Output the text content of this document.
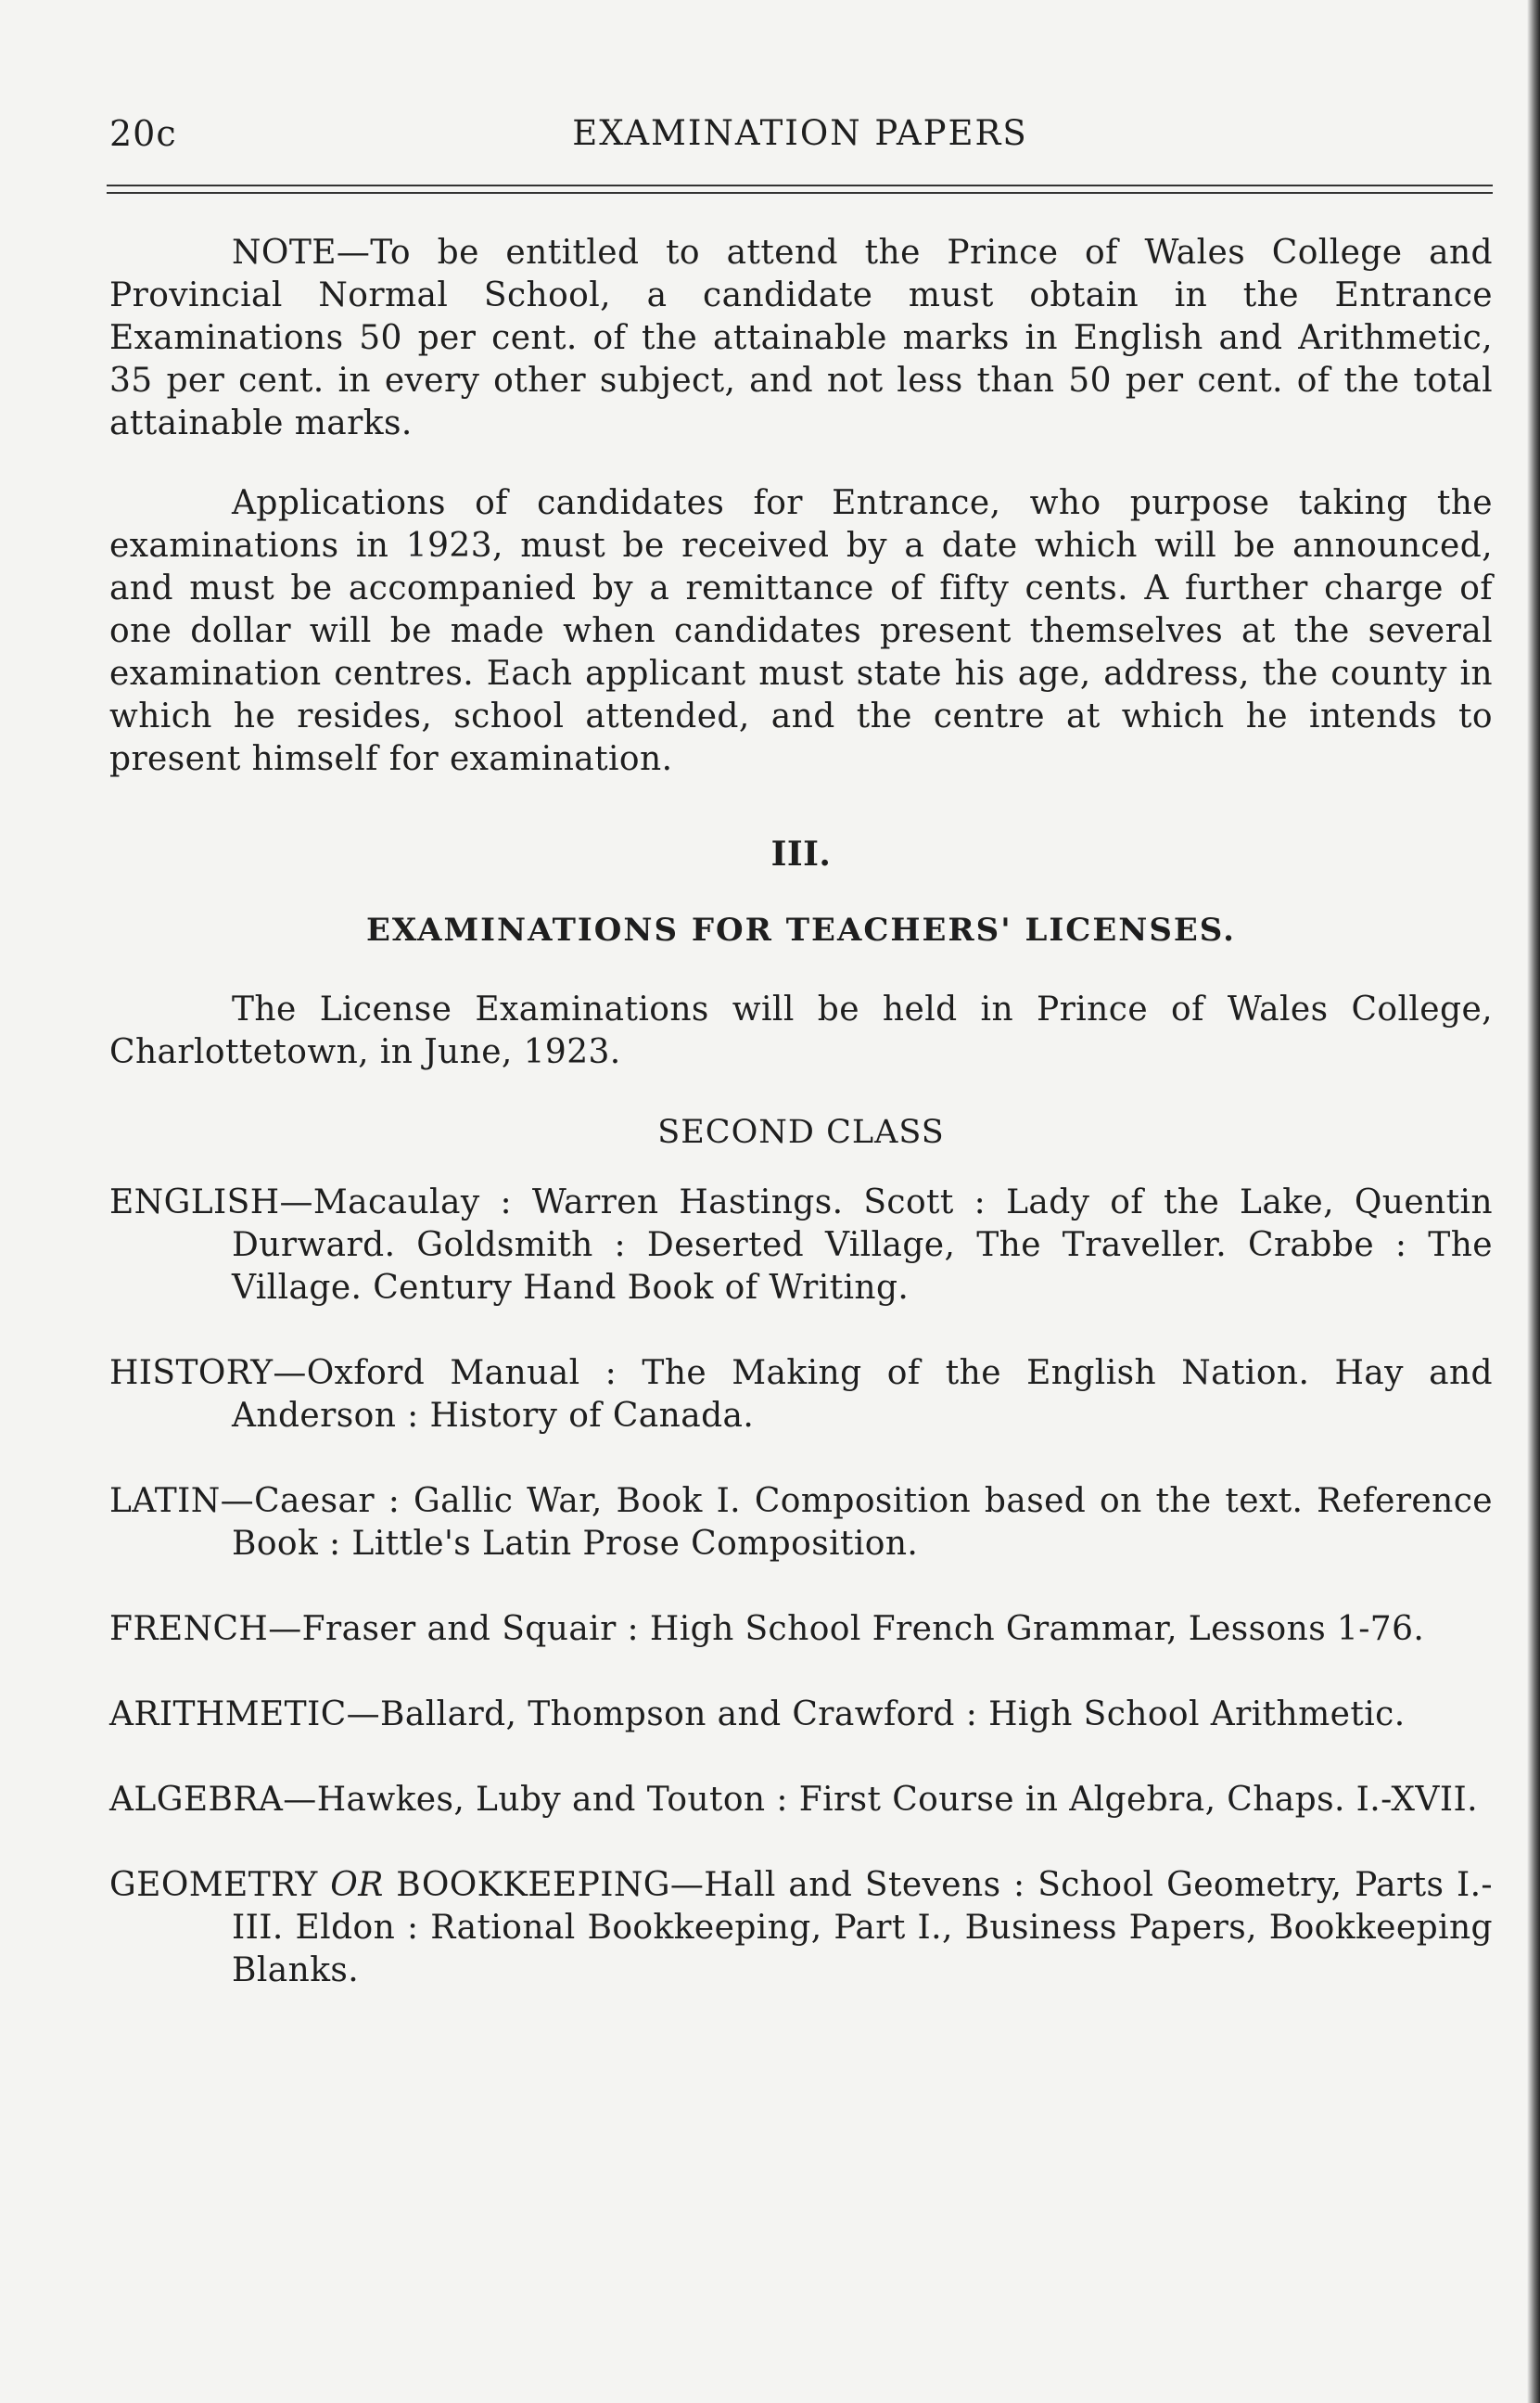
20c	EXAMINATION PAPERS

NOTE—To be entitled to attend the Prince of Wales College and Provincial Normal School, a candidate must obtain in the Entrance Examinations 50 per cent. of the attainable marks in English and Arithmetic, 35 per cent. in every other subject, and not less than 50 per cent. of the total attainable marks.

Applications of candidates for Entrance, who purpose taking the examinations in 1923, must be received by a date which will be announced, and must be accompanied by a remittance of fifty cents. A further charge of one dollar will be made when candidates present themselves at the several examination centres. Each applicant must state his age, address, the county in which he resides, school attended, and the centre at which he intends to present himself for examination.

III.
EXAMINATIONS FOR TEACHERS' LICENSES.

The License Examinations will be held in Prince of Wales College, Charlottetown, in June, 1923.

SECOND CLASS

ENGLISH—Macaulay : Warren Hastings. Scott : Lady of the Lake, Quentin Durward. Goldsmith : Deserted Village, The Traveller. Crabbe : The Village. Century Hand Book of Writing.

HISTORY—Oxford Manual : The Making of the English Nation. Hay and Anderson : History of Canada.

LATIN—Caesar : Gallic War, Book I. Composition based on the text. Reference Book : Little's Latin Prose Composition.

FRENCH—Fraser and Squair : High School French Grammar, Lessons 1-76.

ARITHMETIC—Ballard, Thompson and Crawford : High School Arithmetic.

ALGEBRA—Hawkes, Luby and Touton : First Course in Algebra, Chaps. I.-XVII.

GEOMETRY OR BOOKKEEPING—Hall and Stevens : School Geometry, Parts I.-III. Eldon : Rational Bookkeeping, Part I., Business Papers, Bookkeeping Blanks.
